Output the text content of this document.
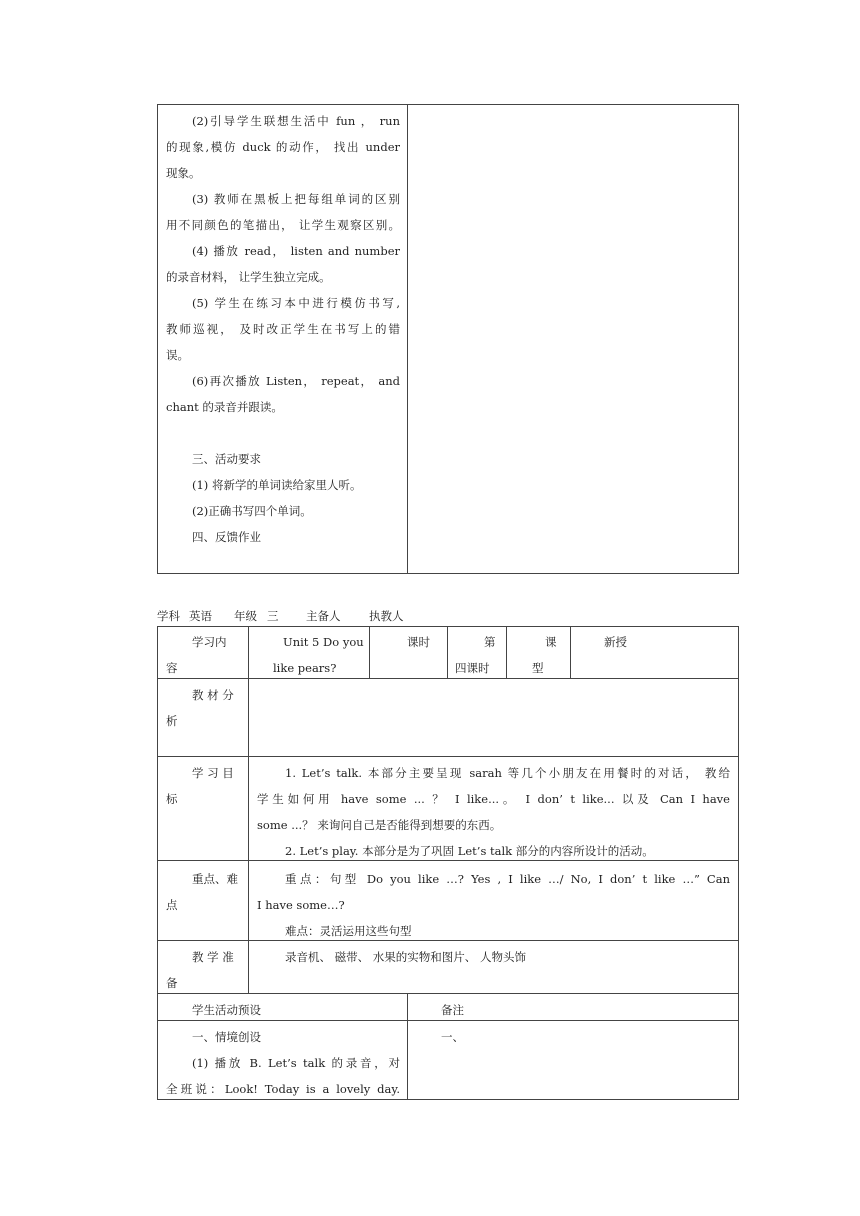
(2)引导学生联想生活中 fun ， run
的现象,模仿 duck 的动作， 找出 under
现象。
(3) 教师在黑板上把每组单词的区别
用不同颜色的笔描出， 让学生观察区别。
(4) 播放 read， listen and number
的录音材料， 让学生独立完成。
(5) 学生在练习本中进行模仿书写,
教师巡视， 及时改正学生在书写上的错
误。
(6)再次播放 Listen， repeat， and
chant 的录音并跟读。
三、活动要求
(1) 将新学的单词读给家里人听。
(2)正确书写四个单词。
四、反馈作业
学科 英语 年级 三 主备人 执教人
学习内
容
Unit 5 Do you
like pears?
课时	第
四课时
课
型
新授
教 材 分
析
学 习 目
标
1. Let’s talk. 本部分主要呈现 sarah 等几个小朋友在用餐时的对话， 教给
学生如何用 have some ... ？ I like...。 I don’ t like... 以及 Can I have
some ...？ 来询问自己是否能得到想要的东西。
2. Let’s play. 本部分是为了巩固 Let’s talk 部分的内容所设计的活动。
重点、难
点
重点：句型 Do you like …? Yes , I like …/ No, I don’ t like …” Can
I have some…?
难点：灵活运用这些句型
教 学 准
备
录音机、 磁带、 水果的实物和图片、 人物头饰
学生活动预设	备注
一、情境创设
(1) 播放 B. Let’s talk 的录音，对
全班说：Look! Today is a lovely day.
一、
